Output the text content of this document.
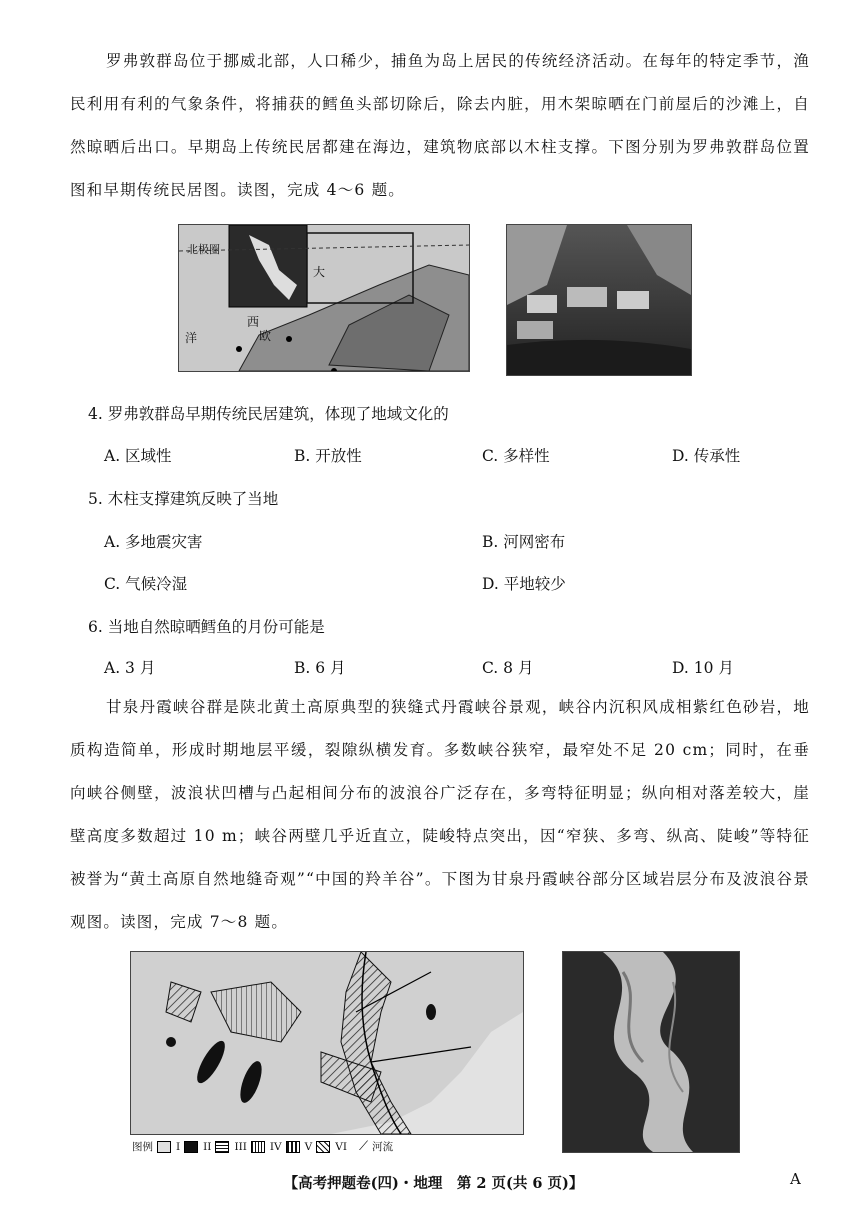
罗弗敦群岛位于挪威北部，人口稀少，捕鱼为岛上居民的传统经济活动。在每年的特定季节，渔民利用有利的气象条件，将捕获的鳕鱼头部切除后，除去内脏，用木架晾晒在门前屋后的沙滩上，自然晾晒后出口。早期岛上传统民居都建在海边，建筑物底部以木柱支撑。下图分别为罗弗敦群岛位置图和早期传统民居图。读图，完成 4～6 题。
北极圈
大
西
洋	欧
4. 罗弗敦群岛早期传统民居建筑，体现了地域文化的
A. 区域性	B. 开放性	C. 多样性	D. 传承性
5. 木柱支撑建筑反映了当地
A. 多地震灾害	B. 河网密布
C. 气候冷湿	D. 平地较少
6. 当地自然晾晒鳕鱼的月份可能是
A. 3 月	B. 6 月	C. 8 月	D. 10 月
甘泉丹霞峡谷群是陕北黄土高原典型的狭缝式丹霞峡谷景观，峡谷内沉积风成相紫红色砂岩，地质构造简单，形成时期地层平缓，裂隙纵横发育。多数峡谷狭窄，最窄处不足 20 cm；同时，在垂向峡谷侧壁，波浪状凹槽与凸起相间分布的波浪谷广泛存在，多弯特征明显；纵向相对落差较大，崖壁高度多数超过 10 m；峡谷两壁几乎近直立，陡峻特点突出，因“窄狭、多弯、纵高、陡峻”等特征被誉为“黄土高原自然地缝奇观”“中国的羚羊谷”。下图为甘泉丹霞峡谷部分区域岩层分布及波浪谷景观图。读图，完成 7～8 题。
图例 I II III IV V VI ⟋ 河流
【高考押题卷(四)・地理　第 2 页(共 6 页)】	A
